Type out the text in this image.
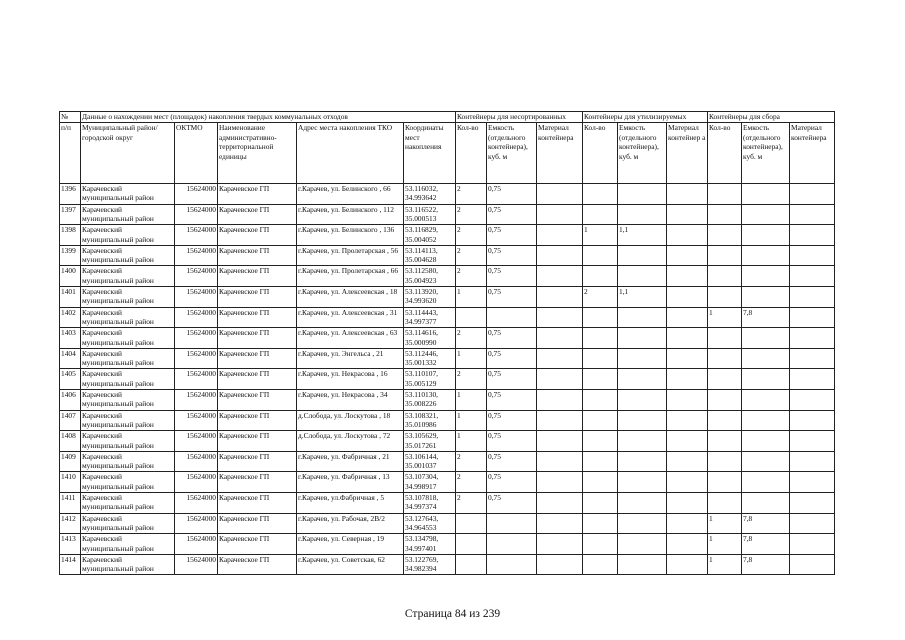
№	Данные о нахождении мест (площадок) накопления твердых коммунальных отходов					Контейнеры для несортированных			Контейнеры для утилизируемых			Контейнеры для сбора		
п/п	Муниципальный район/городской округ	ОКТМО	Наименование административно-территориальной единицы	Адрес места накопления ТКО	Координаты мест накопления	Кол-во	Емкость (отдельного контейнера), куб. м	Материал контейнера	Кол-во	Емкость (отдельного контейнера), куб. м	Материал контейнер а	Кол-во	Емкость (отдельного контейнера), куб. м	Материал контейнера
1396	Карачевский муниципальный район	15624000	Карачевское ГП	г.Карачев, ул. Белинского , 66	53.116032, 34.993642	2	0,75							
1397	Карачевский муниципальный район	15624000	Карачевское ГП	г.Карачев, ул. Белинского , 112	53.116522, 35.000513	2	0,75							
1398	Карачевский муниципальный район	15624000	Карачевское ГП	г.Карачев, ул. Белинского , 136	53.116829, 35.004052	2	0,75		1	1,1				
1399	Карачевский муниципальный район	15624000	Карачевское ГП	г.Карачев, ул. Пролетарская , 56	53.114113, 35.004628	2	0,75							
1400	Карачевский муниципальный район	15624000	Карачевское ГП	г.Карачев, ул. Пролетарская , 66	53.112580, 35.004923	2	0,75							
1401	Карачевский муниципальный район	15624000	Карачевское ГП	г.Карачев, ул. Алексеевская , 18	53.113920, 34.993620	1	0,75		2	1,1				
1402	Карачевский муниципальный район	15624000	Карачевское ГП	г.Карачев, ул. Алексеевская , 31	53.114443, 34.997377							1	7,8	
1403	Карачевский муниципальный район	15624000	Карачевское ГП	г.Карачев, ул. Алексеевская , 63	53.114616, 35.000990	2	0,75							
1404	Карачевский муниципальный район	15624000	Карачевское ГП	г.Карачев, ул. Энгельса , 21	53.112446, 35.001332	1	0,75							
1405	Карачевский муниципальный район	15624000	Карачевское ГП	г.Карачев, ул. Некрасова , 16	53.110107, 35.005129	2	0,75							
1406	Карачевский муниципальный район	15624000	Карачевское ГП	г.Карачев, ул. Некрасова , 34	53.110130, 35.008226	1	0,75							
1407	Карачевский муниципальный район	15624000	Карачевское ГП	д.Слобода, ул. Лоскутова , 18	53.108321, 35.010986	1	0,75							
1408	Карачевский муниципальный район	15624000	Карачевское ГП	д.Слобода, ул. Лоскутова , 72	53.105629, 35.017261	1	0,75							
1409	Карачевский муниципальный район	15624000	Карачевское ГП	г.Карачев, ул. Фабричная , 21	53.106144, 35.001037	2	0,75							
1410	Карачевский муниципальный район	15624000	Карачевское ГП	г.Карачев, ул. Фабричная , 13	53.107304, 34.998917	2	0,75							
1411	Карачевский муниципальный район	15624000	Карачевское ГП	г.Карачев, ул.Фабричная , 5	53.107818, 34.997374	2	0,75							
1412	Карачевский муниципальный район	15624000	Карачевское ГП	г.Карачев, ул. Рабочая, 2В/2	53.127643, 34.964553							1	7,8	
1413	Карачевский муниципальный район	15624000	Карачевское ГП	г.Карачев, ул. Северная , 19	53.134798, 34.997401							1	7,8	
1414	Карачевский муниципальный район	15624000	Карачевское ГП	г.Карачев, ул. Советская, 62	53.122769, 34.982394							1	7,8	
Страница 84 из 239
